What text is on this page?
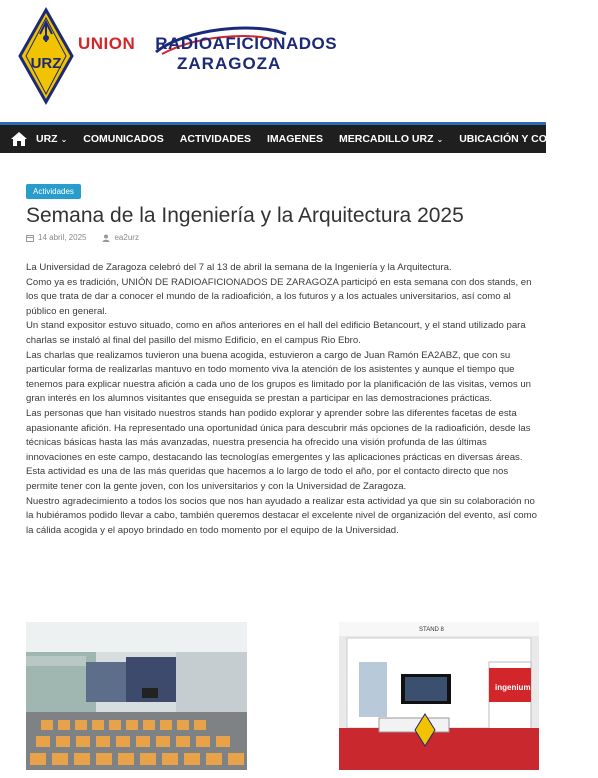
URZ
UNION RADIOAFICIONADOS
ZARAGOZA
URZ ⌄ COMUNICADOS ACTIVIDADES IMAGENES MERCADILLO URZ ⌄ UBICACIÓN Y CONTACTO
Actividades
Semana de la Ingeniería y la Arquitectura 2025
14 abril, 2025	ea2urz

La Universidad de Zaragoza celebró del 7 al 13 de abril la semana de la Ingeniería y la Arquitectura.

Como ya es tradición, UNIÓN DE RADIOAFICIONADOS DE ZARAGOZA participó en esta semana con dos stands, en los que trata de dar a conocer el mundo de la radioafición, a los futuros y a los actuales universitarios, así como al público en general.

Un stand expositor estuvo situado, como en años anteriores en el hall del edificio Betancourt, y el stand utilizado para charlas se instaló al final del pasillo del mismo Edificio, en el campus Rio Ebro.

Las charlas que realizamos tuvieron una buena acogida, estuvieron a cargo de Juan Ramón EA2ABZ, que con su particular forma de realizarlas mantuvo en todo momento viva la atención de los asistentes y aunque el tiempo que tenemos para explicar nuestra afición a cada uno de los grupos es limitado por la planificación de las visitas, vemos un gran interés en los alumnos visitantes que enseguida se prestan a participar en las demostraciones prácticas.

Las personas que han visitado nuestros stands han podido explorar y aprender sobre las diferentes facetas de esta apasionante afición. Ha representado una oportunidad única para descubrir más opciones de la radioafición, desde las técnicas básicas hasta las más avanzadas, nuestra presencia ha ofrecido una visión profunda de las últimas innovaciones en este campo, destacando las tecnologías emergentes y las aplicaciones prácticas en diversas áreas.

Esta actividad es una de las más queridas que hacemos a lo largo de todo el año, por el contacto directo que nos permite tener con la gente joven, con los universitarios y con la Universidad de Zaragoza.

Nuestro agradecimiento a todos los socios que nos han ayudado a realizar esta actividad ya que sin su colaboración no la hubiéramos podido llevar a cabo, también queremos destacar el excelente nivel de organización del evento, así como la cálida acogida y el apoyo brindado en todo momento por el equipo de la Universidad.

STAND 8
ingenium
